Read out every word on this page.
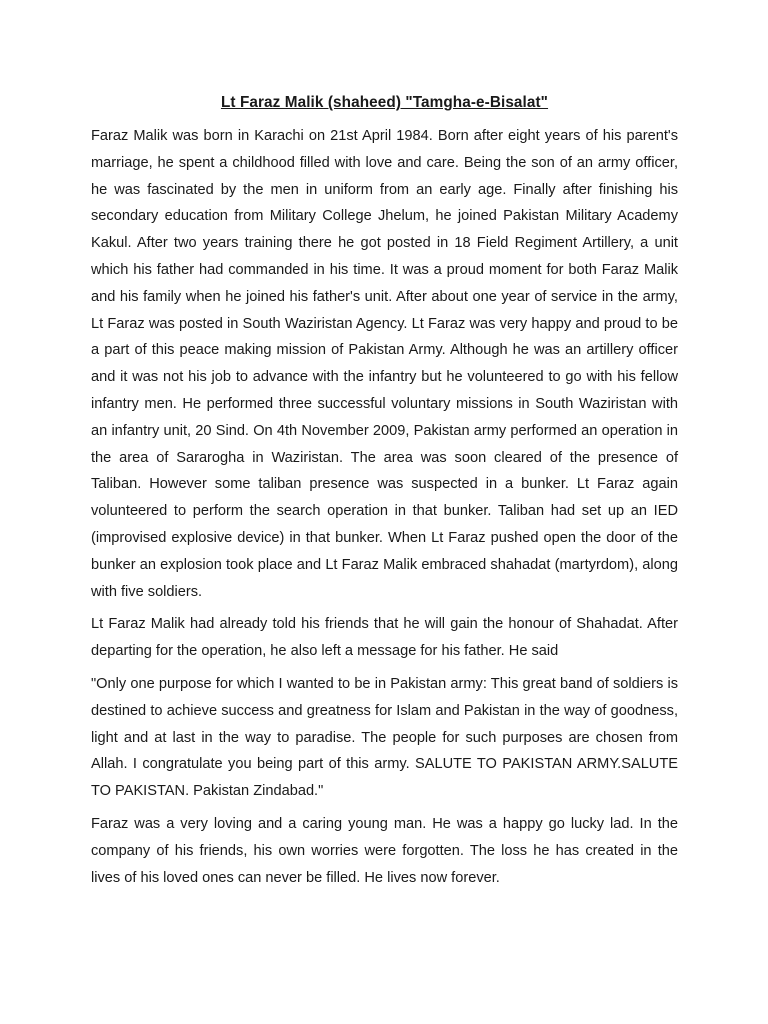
Lt Faraz Malik (shaheed) "Tamgha-e-Bisalat"

Faraz Malik was born in Karachi on 21st April 1984. Born after eight years of his parent's marriage, he spent a childhood filled with love and care. Being the son of an army officer, he was fascinated by the men in uniform from an early age. Finally after finishing his secondary education from Military College Jhelum, he joined Pakistan Military Academy Kakul. After two years training there he got posted in 18 Field Regiment Artillery, a unit which his father had commanded in his time. It was a proud moment for both Faraz Malik and his family when he joined his father's unit. After about one year of service in the army, Lt Faraz was posted in South Waziristan Agency. Lt Faraz was very happy and proud to be a part of this peace making mission of Pakistan Army. Although he was an artillery officer and it was not his job to advance with the infantry but he volunteered to go with his fellow infantry men. He performed three successful voluntary missions in South Waziristan with an infantry unit, 20 Sind. On 4th November 2009, Pakistan army performed an operation in the area of Sararogha in Waziristan. The area was soon cleared of the presence of Taliban. However some taliban presence was suspected in a bunker. Lt Faraz again volunteered to perform the search operation in that bunker. Taliban had set up an IED (improvised explosive device) in that bunker. When Lt Faraz pushed open the door of the bunker an explosion took place and Lt Faraz Malik embraced shahadat (martyrdom), along with five soldiers.

Lt Faraz Malik had already told his friends that he will gain the honour of Shahadat. After departing for the operation, he also left a message for his father. He said

"Only one purpose for which I wanted to be in Pakistan army: This great band of soldiers is destined to achieve success and greatness for Islam and Pakistan in the way of goodness, light and at last in the way to paradise. The people for such purposes are chosen from Allah. I congratulate you being part of this army. SALUTE TO PAKISTAN ARMY.SALUTE TO PAKISTAN. Pakistan Zindabad."

Faraz was a very loving and a caring young man. He was a happy go lucky lad. In the company of his friends, his own worries were forgotten. The loss he has created in the lives of his loved ones can never be filled. He lives now forever.
